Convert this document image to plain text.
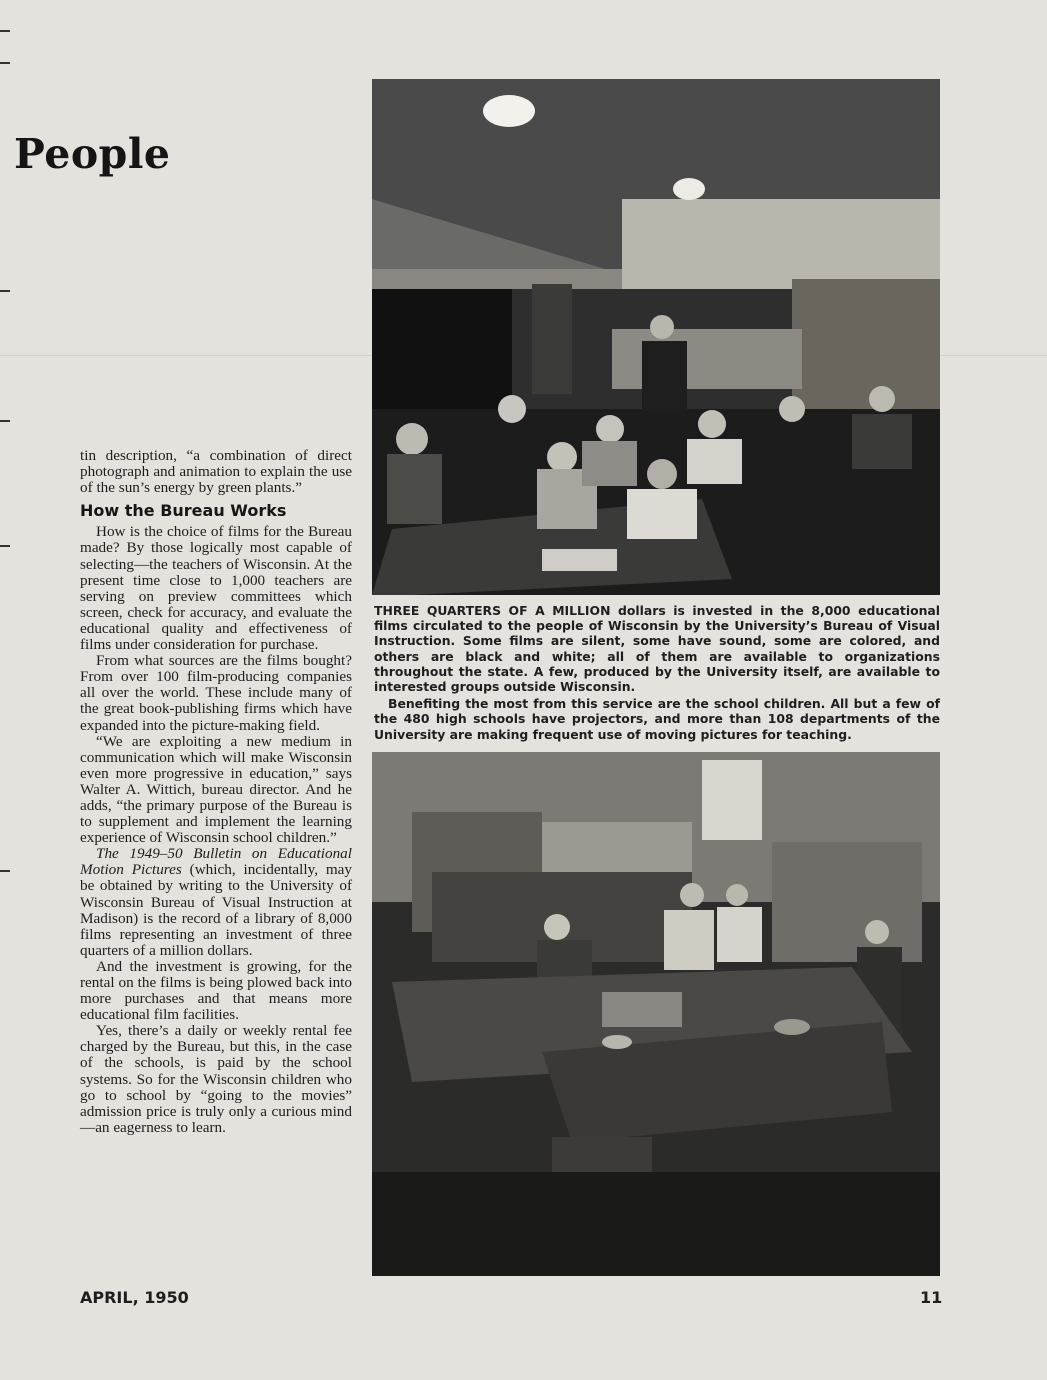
People

THREE QUARTERS OF A MILLION dollars is invested in the 8,000 educational films circulated to the people of Wisconsin by the University’s Bureau of Visual Instruction. Some films are silent, some have sound, some are colored, and others are black and white; all of them are available to organizations throughout the state. A few, produced by the University itself, are available to interested groups outside Wisconsin.

Benefiting the most from this service are the school children. All but a few of the 480 high schools have projectors, and more than 108 departments of the University are making frequent use of moving pictures for teaching.

tin description, “a combination of direct photograph and animation to explain the use of the sun’s energy by green plants.”

How the Bureau Works

How is the choice of films for the Bureau made? By those logically most capable of selecting—the teachers of Wisconsin. At the present time close to 1,000 teachers are serving on preview committees which screen, check for accuracy, and evaluate the educational quality and effectiveness of films under consideration for purchase.

From what sources are the films bought? From over 100 film-producing companies all over the world. These include many of the great book-publishing firms which have expanded into the picture-making field.

“We are exploiting a new medium in communication which will make Wisconsin even more progressive in education,” says Walter A. Wittich, bureau director. And he adds, “the primary purpose of the Bureau is to supplement and implement the learning experience of Wisconsin school children.”

The 1949–50 Bulletin on Educational Motion Pictures (which, incidentally, may be obtained by writing to the University of Wisconsin Bureau of Visual Instruction at Madison) is the record of a library of 8,000 films representing an investment of three quarters of a million dollars.

And the investment is growing, for the rental on the films is being plowed back into more purchases and that means more educational film facilities.

Yes, there’s a daily or weekly rental fee charged by the Bureau, but this, in the case of the schools, is paid by the school systems. So for the Wisconsin children who go to school by “going to the movies” admission price is truly only a curious mind—an eagerness to learn.

APRIL, 1950	11
